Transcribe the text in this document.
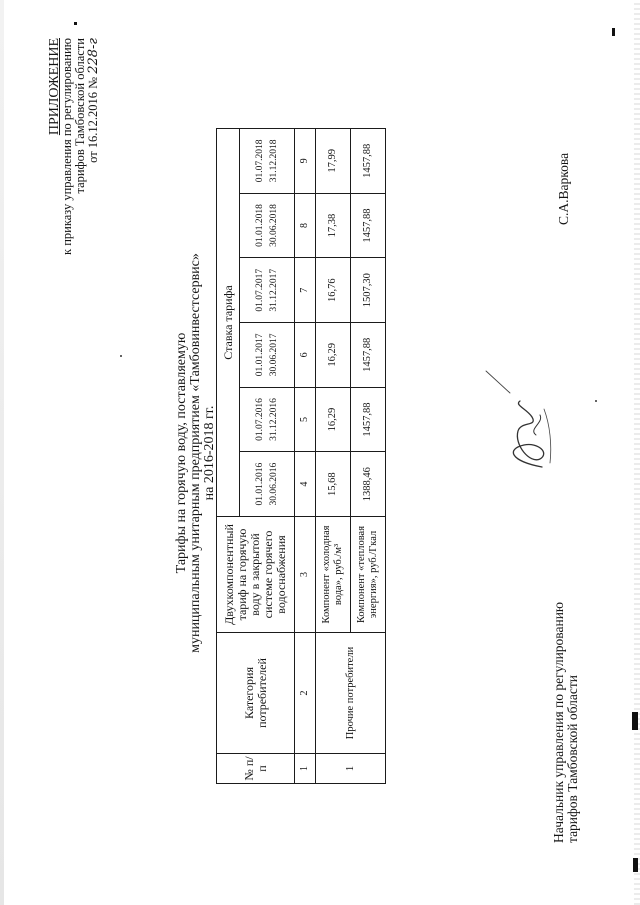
ПРИЛОЖЕНИЕ
к приказу управления по регулированию тарифов Тамбовской области от 16.12.2016 № 228-г
Тарифы на горячую воду, поставляемую муниципальным унитарным предприятием «Тамбовинвестсервис» на 2016-2018 гг.
№ п/п	Категория потребителей	Двухкомпонентный тариф на горячую воду в закрытой системе горячего водоснабжения	Ставка тарифа					
			01.01.2016 30.06.2016	01.07.2016 31.12.2016	01.01.2017 30.06.2017	01.07.2017 31.12.2017	01.01.2018 30.06.2018	01.07.2018 31.12.2018
1	2	3	4	5	6	7	8	9
1	Прочие потребители	Компонент «холодная вода», руб./м³	15,68	16,29	16,29	16,76	17,38	17,99
		Компонент «тепловая энергия», руб./Гкал	1388,46	1457,88	1457,88	1507,30	1457,88	1457,88
Начальник управления по регулированию тарифов Тамбовской области
С.А.Варкова
